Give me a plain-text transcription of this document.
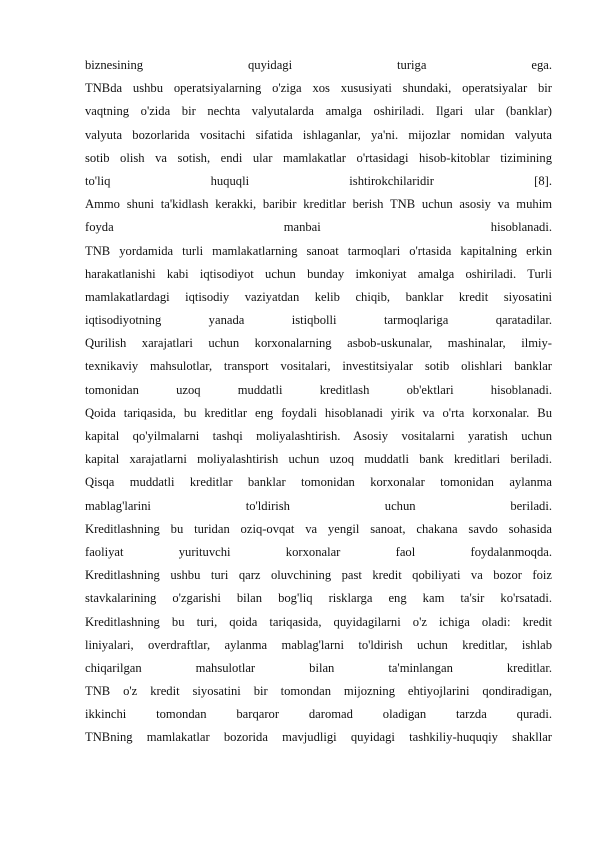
biznesining quyidagi turiga ega.
TNBda ushbu operatsiyalarning o'ziga xos xususiyati shundaki, operatsiyalar bir
vaqtning o'zida bir nechta valyutalarda amalga oshiriladi. Ilgari ular (banklar)
valyuta bozorlarida vositachi sifatida ishlaganlar, ya'ni. mijozlar nomidan valyuta
sotib olish va sotish, endi ular mamlakatlar o'rtasidagi hisob-kitoblar tizimining
to'liq huquqli ishtirokchilaridir [8].
Ammo shuni ta'kidlash kerakki, baribir kreditlar berish TNB uchun asosiy va muhim
foyda manbai hisoblanadi.
TNB yordamida turli mamlakatlarning sanoat tarmoqlari o'rtasida kapitalning erkin
harakatlanishi kabi iqtisodiyot uchun bunday imkoniyat amalga oshiriladi. Turli
mamlakatlardagi iqtisodiy vaziyatdan kelib chiqib, banklar kredit siyosatini
iqtisodiyotning yanada istiqbolli tarmoqlariga qaratadilar.
Qurilish xarajatlari uchun korxonalarning asbob-uskunalar, mashinalar, ilmiy-
texnikaviy mahsulotlar, transport vositalari, investitsiyalar sotib olishlari banklar
tomonidan uzoq muddatli kreditlash ob'ektlari hisoblanadi.
Qoida tariqasida, bu kreditlar eng foydali hisoblanadi yirik va o'rta korxonalar. Bu
kapital qo'yilmalarni tashqi moliyalashtirish. Asosiy vositalarni yaratish uchun
kapital xarajatlarni moliyalashtirish uchun uzoq muddatli bank kreditlari beriladi.
Qisqa muddatli kreditlar banklar tomonidan korxonalar tomonidan aylanma
mablag'larini to'ldirish uchun beriladi.
Kreditlashning bu turidan oziq-ovqat va yengil sanoat, chakana savdo sohasida
faoliyat yurituvchi korxonalar faol foydalanmoqda.
Kreditlashning ushbu turi qarz oluvchining past kredit qobiliyati va bozor foiz
stavkalarining o'zgarishi bilan bog'liq risklarga eng kam ta'sir ko'rsatadi.
Kreditlashning bu turi, qoida tariqasida, quyidagilarni o'z ichiga oladi: kredit
liniyalari, overdraftlar, aylanma mablag'larni to'ldirish uchun kreditlar, ishlab
chiqarilgan mahsulotlar bilan ta'minlangan kreditlar.
TNB o'z kredit siyosatini bir tomondan mijozning ehtiyojlarini qondiradigan,
ikkinchi tomondan barqaror daromad oladigan tarzda quradi.
TNBning mamlakatlar bozorida mavjudligi quyidagi tashkiliy-huquqiy shakllar
